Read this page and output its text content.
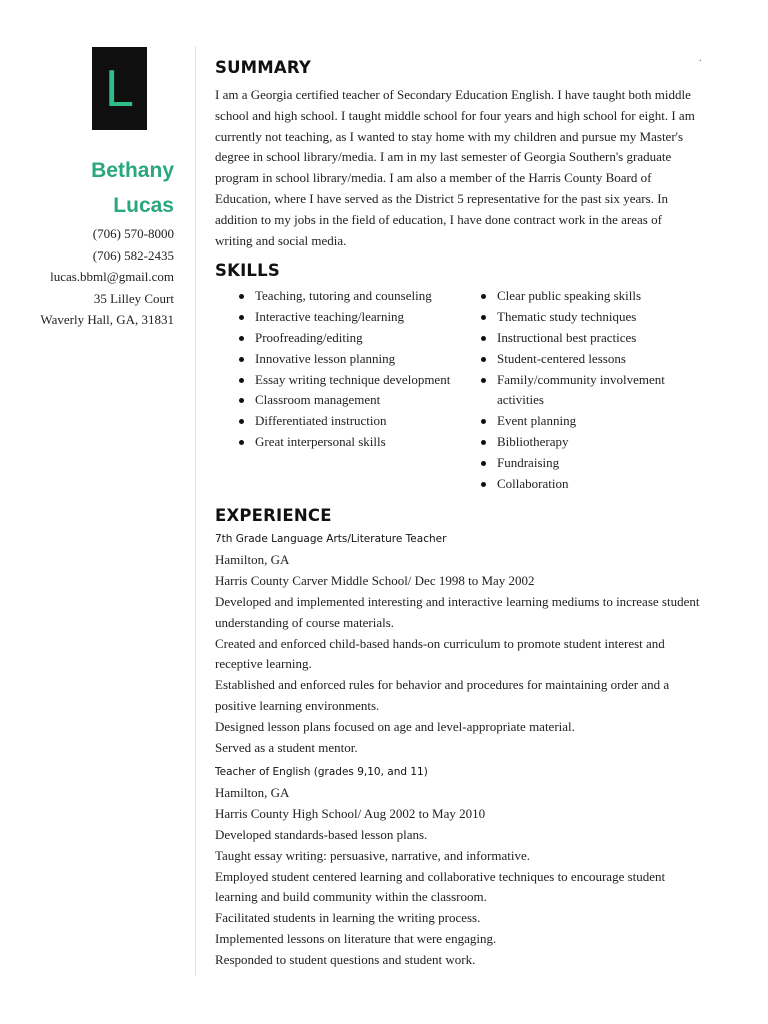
L
Bethany
Lucas
(706) 570-8000
(706) 582-2435
lucas.bbml@gmail.com
35 Lilley Court
Waverly Hall, GA, 31831
.
SUMMARY

I am a Georgia certified teacher of Secondary Education English. I have taught both middle school and high school. I taught middle school for four years and high school for eight. I am currently not teaching, as I wanted to stay home with my children and pursue my Master's degree in school library/media. I am in my last semester of Georgia Southern's graduate program in school library/media. I am also a member of the Harris County Board of Education, where I have served as the District 5 representative for the past six years. In addition to my jobs in the field of education, I have done contract work in the areas of writing and social media.

SKILLS
Teaching, tutoring and counseling
Interactive teaching/learning
Proofreading/editing
Innovative lesson planning
Essay writing technique development
Classroom management
Differentiated instruction
Great interpersonal skills
Clear public speaking skills
Thematic study techniques
Instructional best practices
Student-centered lessons
Family/community involvement activities
Event planning
Bibliotherapy
Fundraising
Collaboration
EXPERIENCE
7th Grade Language Arts/Literature Teacher
Hamilton, GA
Harris County Carver Middle School/ Dec 1998 to May 2002
Developed and implemented interesting and interactive learning mediums to increase student understanding of course materials.
Created and enforced child-based hands-on curriculum to promote student interest and receptive learning.
Established and enforced rules for behavior and procedures for maintaining order and a positive learning environments.
Designed lesson plans focused on age and level-appropriate material.
Served as a student mentor.
Teacher of English (grades 9,10, and 11)
Hamilton, GA
Harris County High School/ Aug 2002 to May 2010
Developed standards-based lesson plans.
Taught essay writing: persuasive, narrative, and informative.
Employed student centered learning and collaborative techniques to encourage student learning and build community within the classroom.
Facilitated students in learning the writing process.
Implemented lessons on literature that were engaging.
Responded to student questions and student work.
